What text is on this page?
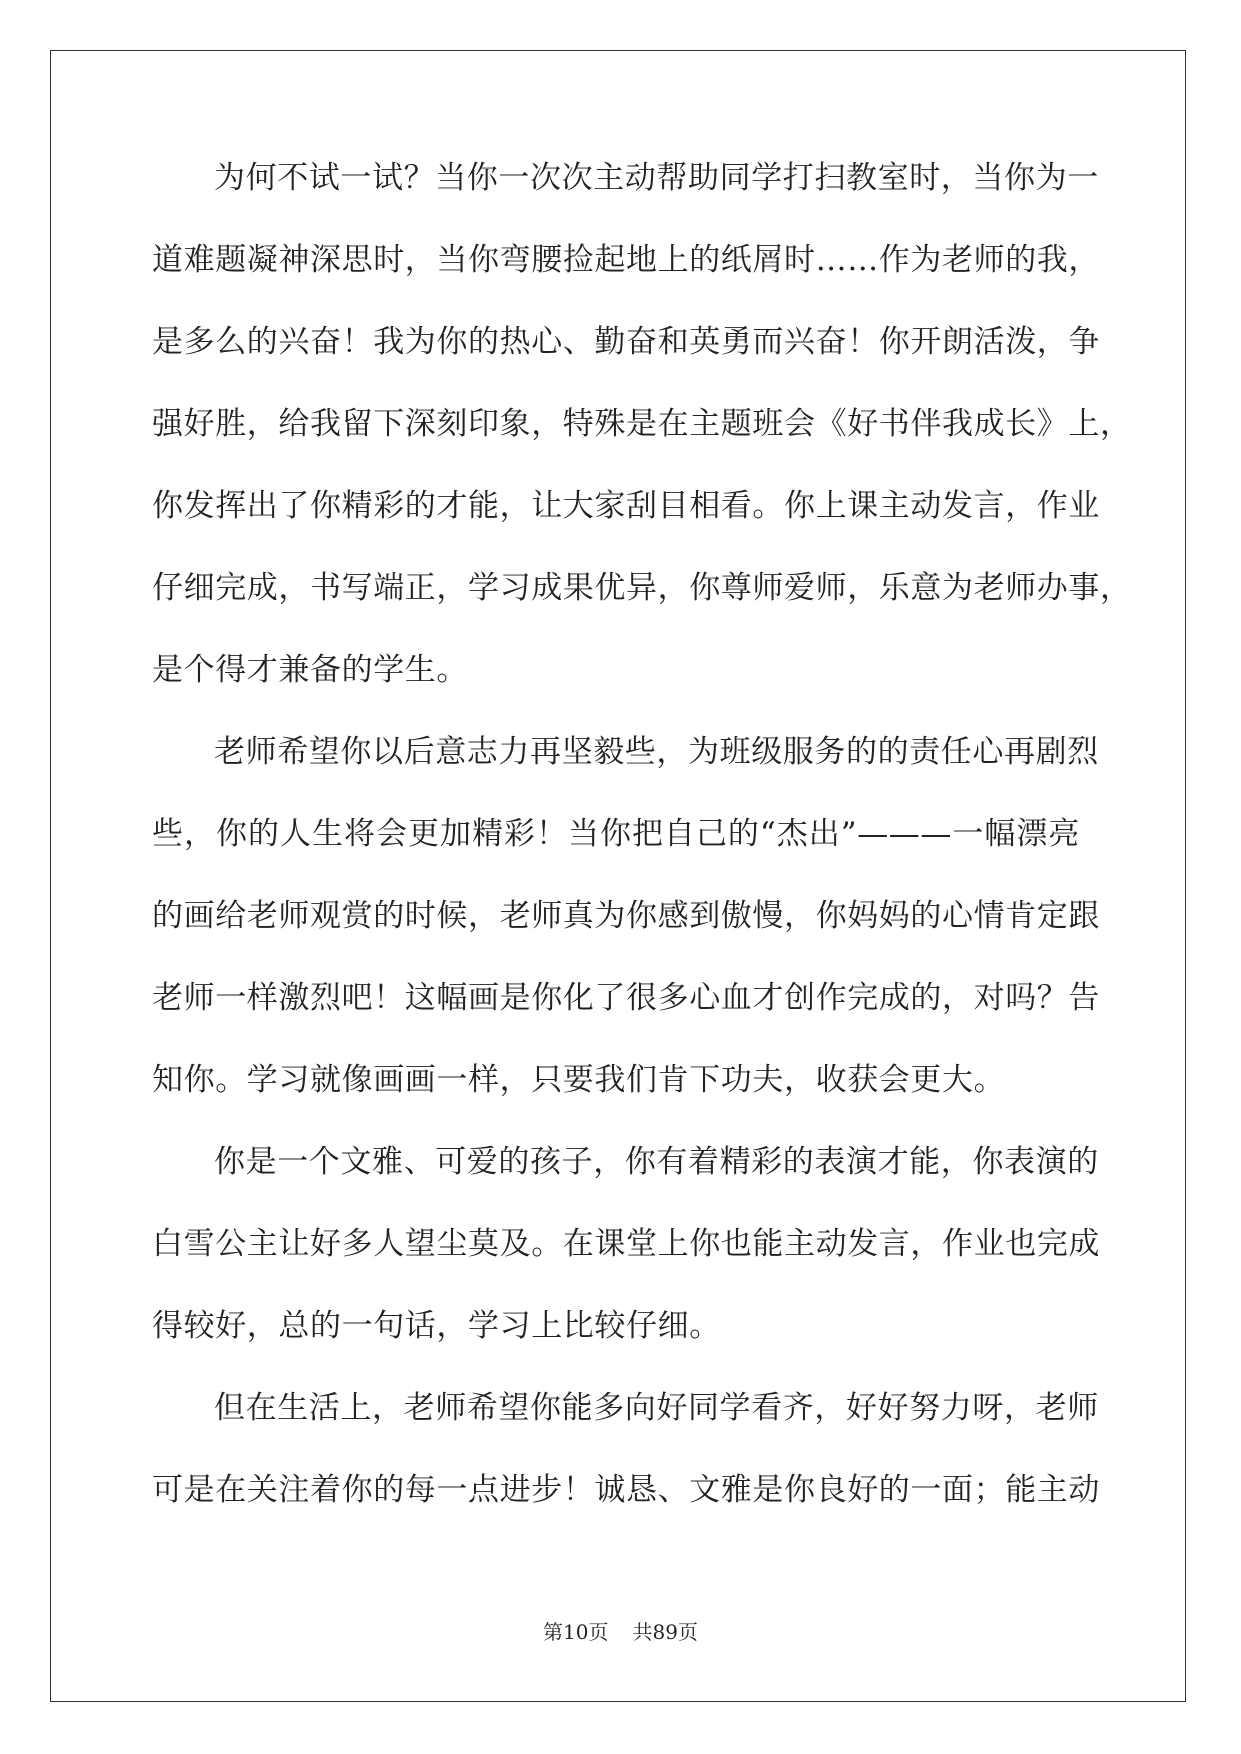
为何不试一试？当你一次次主动帮助同学打扫教室时，当你为一
道难题凝神深思时，当你弯腰捡起地上的纸屑时……作为老师的我，
是多么的兴奋！我为你的热心、勤奋和英勇而兴奋！你开朗活泼，争
强好胜，给我留下深刻印象，特殊是在主题班会《好书伴我成长》上，
你发挥出了你精彩的才能，让大家刮目相看。你上课主动发言，作业
仔细完成，书写端正，学习成果优异，你尊师爱师，乐意为老师办事，
是个得才兼备的学生。
老师希望你以后意志力再坚毅些，为班级服务的的责任心再剧烈
些，你的人生将会更加精彩！当你把自己的“杰出”———一幅漂亮
的画给老师观赏的时候，老师真为你感到傲慢，你妈妈的心情肯定跟
老师一样激烈吧！这幅画是你化了很多心血才创作完成的，对吗？告
知你。学习就像画画一样，只要我们肯下功夫，收获会更大。
你是一个文雅、可爱的孩子，你有着精彩的表演才能，你表演的
白雪公主让好多人望尘莫及。在课堂上你也能主动发言，作业也完成
得较好，总的一句话，学习上比较仔细。
但在生活上，老师希望你能多向好同学看齐，好好努力呀，老师
可是在关注着你的每一点进步！诚恳、文雅是你良好的一面；能主动
第10页 共89页
